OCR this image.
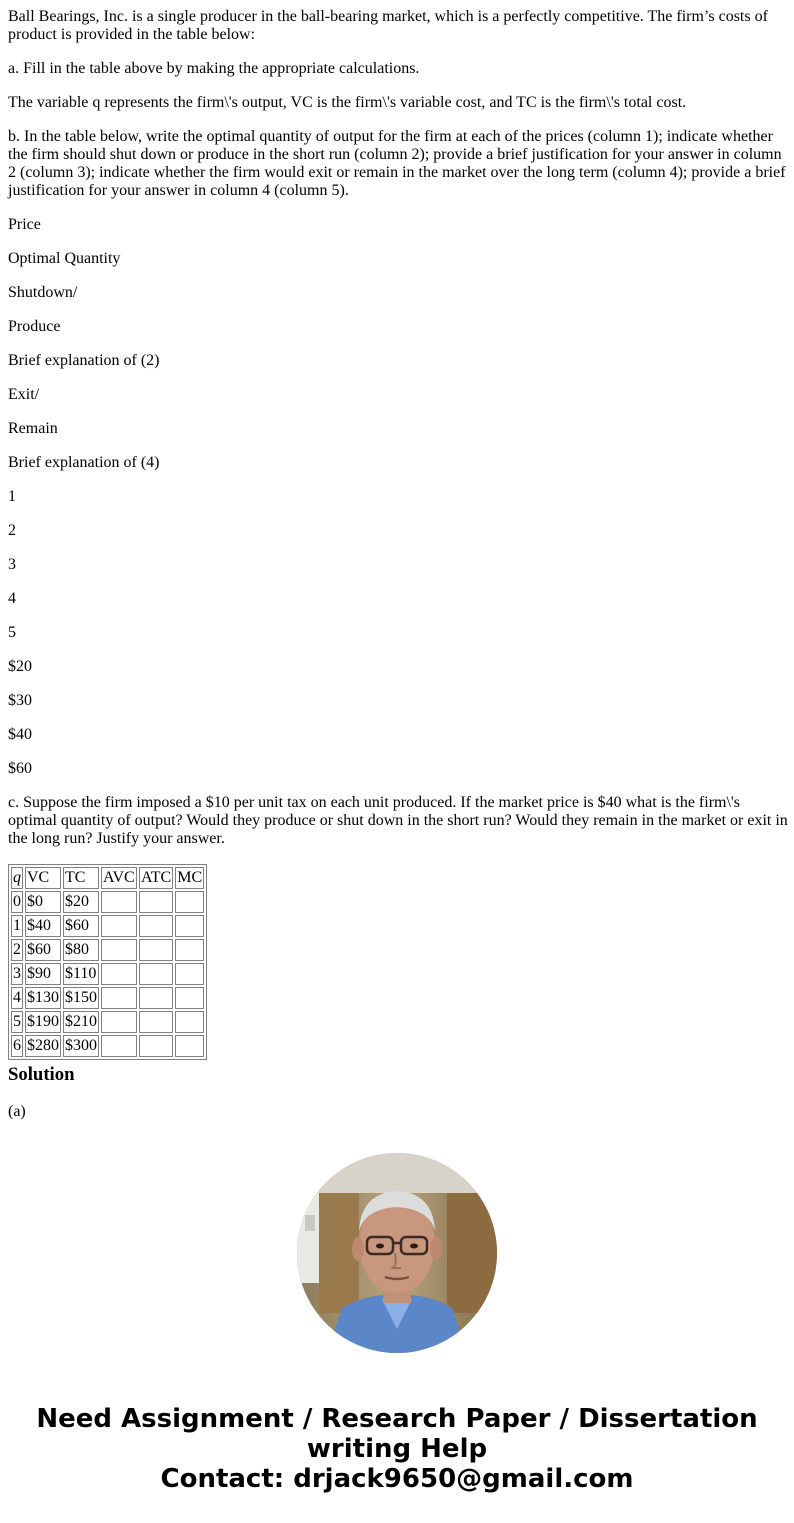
Ball Bearings, Inc. is a single producer in the ball-bearing market, which is a perfectly competitive. The firm’s costs of product is provided in the table below:

a. Fill in the table above by making the appropriate calculations.

The variable q represents the firm\'s output, VC is the firm\'s variable cost, and TC is the firm\'s total cost.

b. In the table below, write the optimal quantity of output for the firm at each of the prices (column 1); indicate whether the firm should shut down or produce in the short run (column 2); provide a brief justification for your answer in column 2 (column 3); indicate whether the firm would exit or remain in the market over the long term (column 4); provide a brief justification for your answer in column 4 (column 5).

Price

Optimal Quantity

Shutdown/

Produce

Brief explanation of (2)

Exit/

Remain

Brief explanation of (4)

1

2

3

4

5

$20

$30

$40

$60

c. Suppose the firm imposed a $10 per unit tax on each unit produced. If the market price is $40 what is the firm\'s optimal quantity of output? Would they produce or shut down in the short run? Would they remain in the market or exit in the long run? Justify your answer.

q	VC	TC	AVC	ATC	MC
0	$0	$20			
1	$40	$60			
2	$60	$80			
3	$90	$110			
4	$130	$150			
5	$190	$210			
6	$280	$300			
Solution

(a)

Need Assignment / Research Paper / Dissertation
writing Help
Contact: drjack9650@gmail.com
